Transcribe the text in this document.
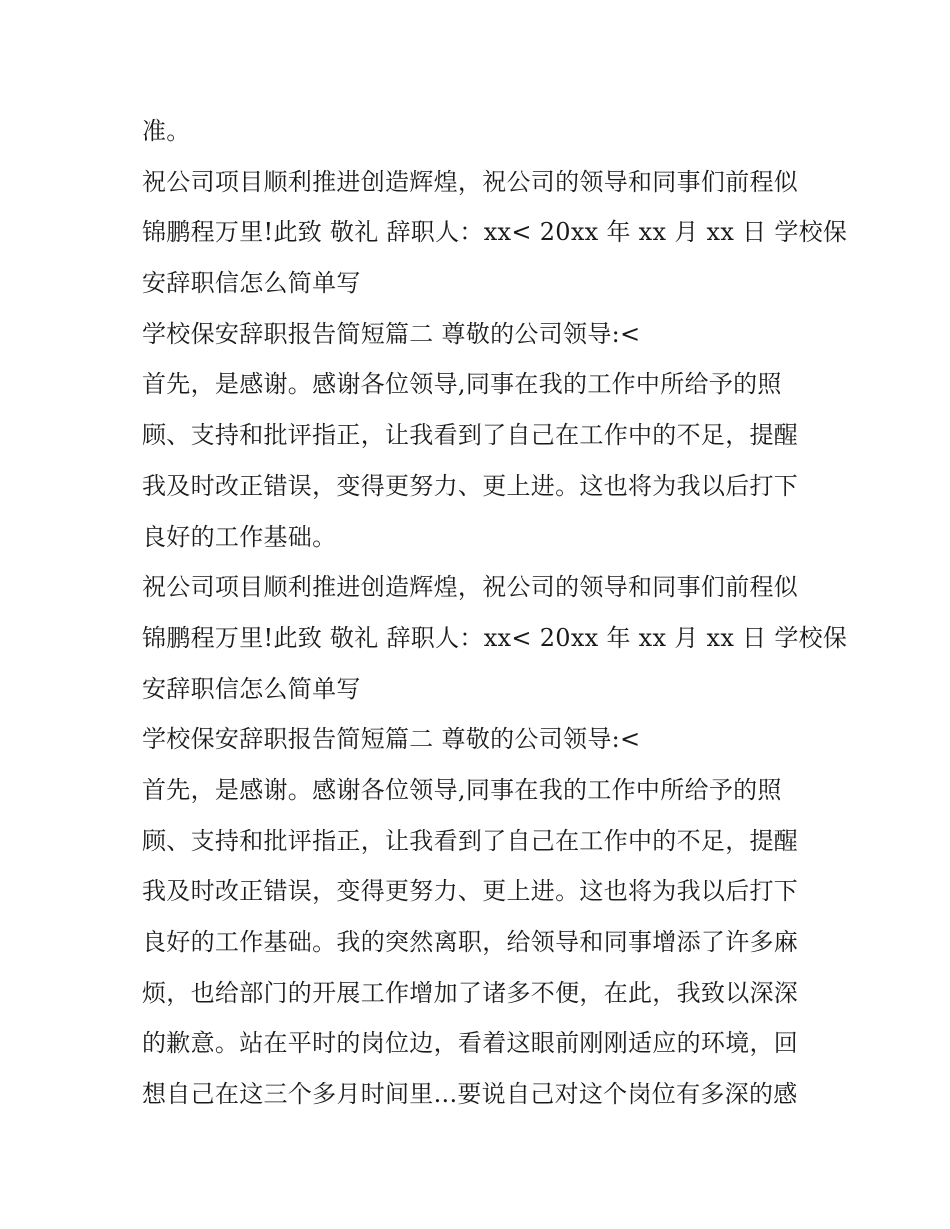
准。
祝公司项目顺利推进创造辉煌，祝公司的领导和同事们前程似
锦鹏程万里!此致 敬礼 辞职人：xx< 20xx 年 xx 月 xx 日 学校保
安辞职信怎么简单写
学校保安辞职报告简短篇二 尊敬的公司领导:<
首先，是感谢。感谢各位领导,同事在我的工作中所给予的照
顾、支持和批评指正，让我看到了自己在工作中的不足，提醒
我及时改正错误，变得更努力、更上进。这也将为我以后打下
良好的工作基础。
祝公司项目顺利推进创造辉煌，祝公司的领导和同事们前程似
锦鹏程万里!此致 敬礼 辞职人：xx< 20xx 年 xx 月 xx 日 学校保
安辞职信怎么简单写
学校保安辞职报告简短篇二 尊敬的公司领导:<
首先，是感谢。感谢各位领导,同事在我的工作中所给予的照
顾、支持和批评指正，让我看到了自己在工作中的不足，提醒
我及时改正错误，变得更努力、更上进。这也将为我以后打下
良好的工作基础。我的突然离职，给领导和同事增添了许多麻
烦，也给部门的开展工作增加了诸多不便，在此，我致以深深
的歉意。站在平时的岗位边，看着这眼前刚刚适应的环境，回
想自己在这三个多月时间里...要说自己对这个岗位有多深的感
